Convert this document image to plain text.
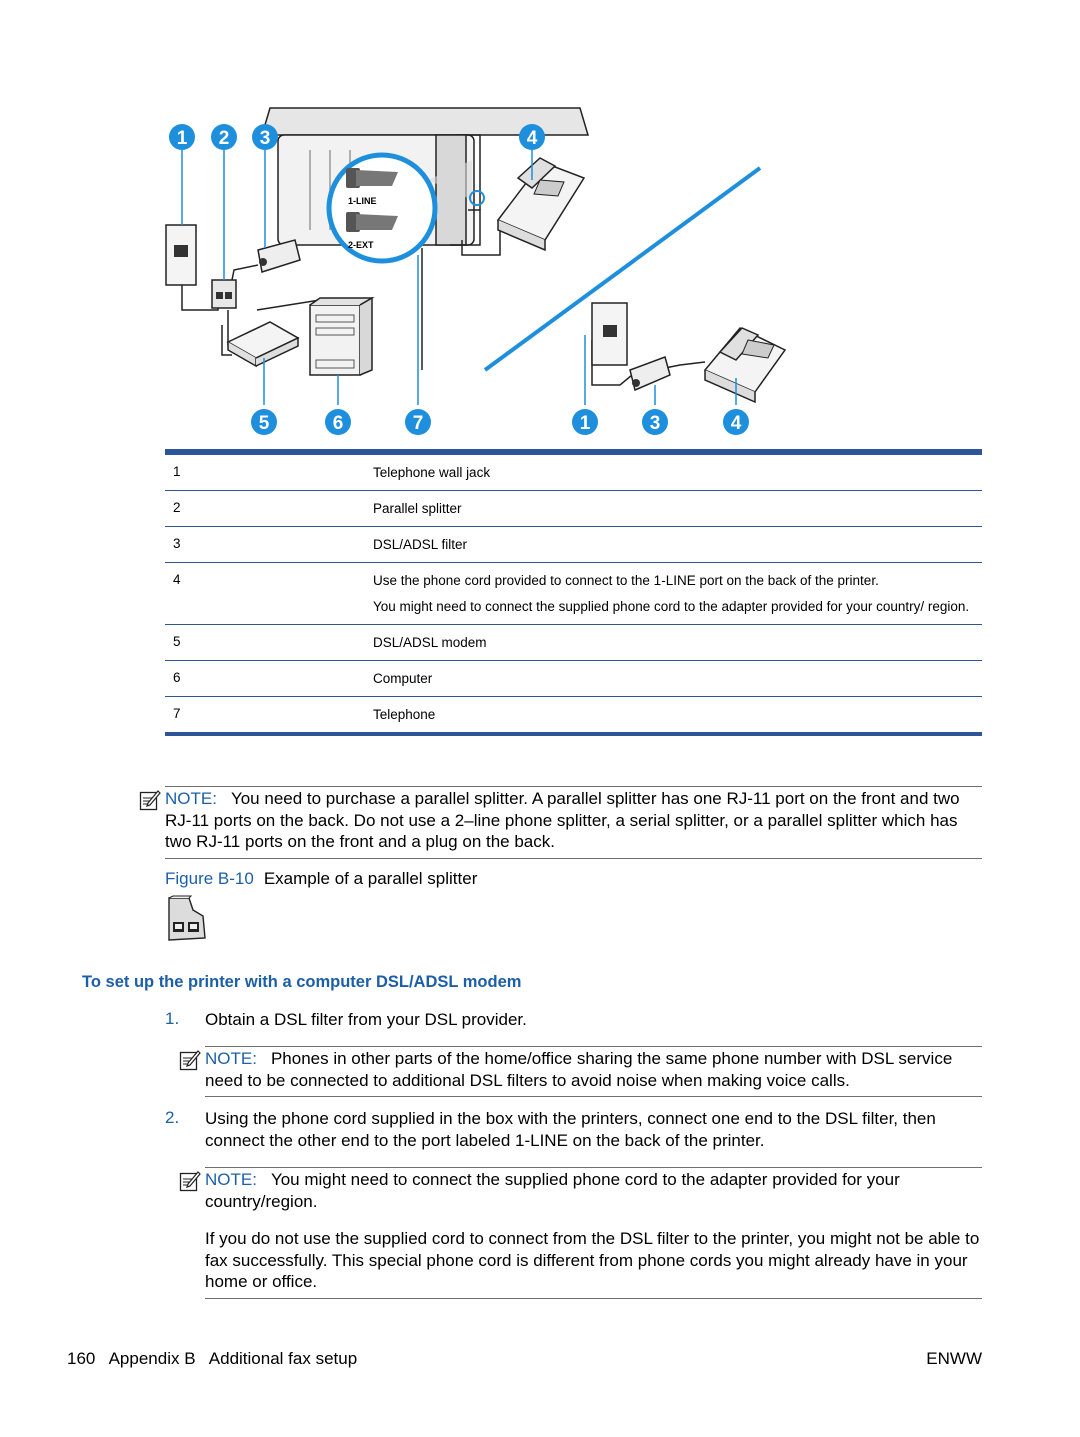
1-LINE
2-EXT
1 2 3	4
5	6	7	1	3	4
1	Telephone wall jack

2	Parallel splitter

3	DSL/ADSL filter

4	Use the phone cord provided to connect to the 1-LINE port on the back of the printer.

You might need to connect the supplied phone cord to the adapter provided for your country/ region.

5	DSL/ADSL modem

6	Computer

7	Telephone

NOTE: You need to purchase a parallel splitter. A parallel splitter has one RJ-11 port on the front and two RJ-11 ports on the back. Do not use a 2–line phone splitter, a serial splitter, or a parallel splitter which has two RJ-11 ports on the front and a plug on the back.
Figure B-10 Example of a parallel splitter
To set up the printer with a computer DSL/ADSL modem
1. Obtain a DSL filter from your DSL provider.
NOTE: Phones in other parts of the home/office sharing the same phone number with DSL service need to be connected to additional DSL filters to avoid noise when making voice calls.
2. Using the phone cord supplied in the box with the printers, connect one end to the DSL filter, then connect the other end to the port labeled 1-LINE on the back of the printer.
NOTE: You might need to connect the supplied phone cord to the adapter provided for your country/region.
If you do not use the supplied cord to connect from the DSL filter to the printer, you might not be able to fax successfully. This special phone cord is different from phone cords you might already have in your home or office.
160   Appendix B   Additional fax setup	ENWW
